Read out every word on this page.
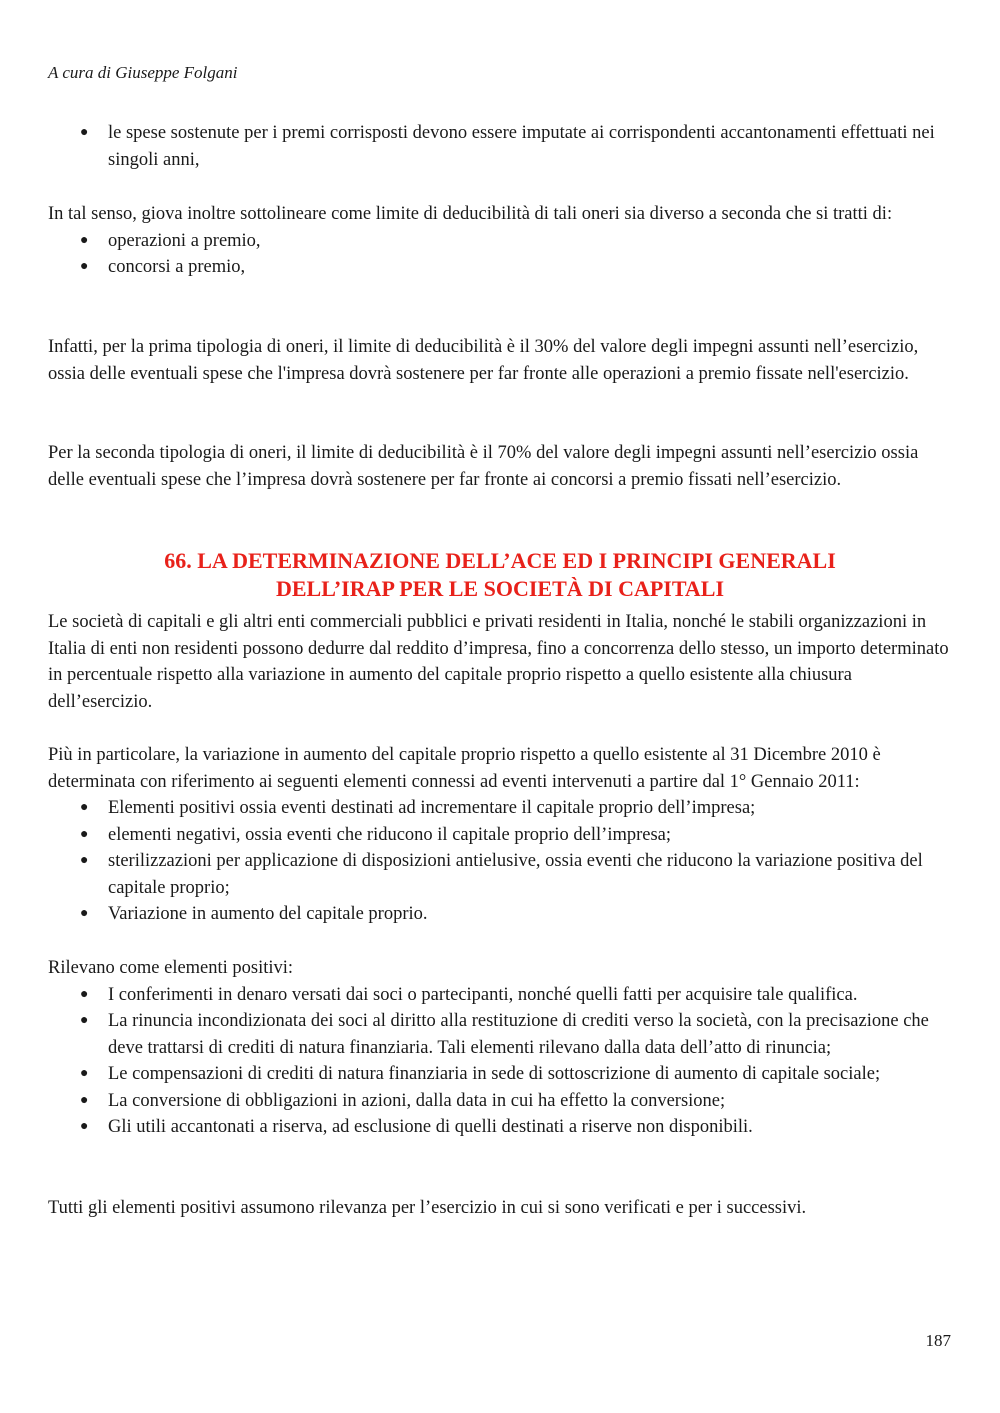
A cura di Giuseppe Folgani
● le spese sostenute per i premi corrisposti devono essere imputate ai corrispondenti accantonamenti effettuati nei singoli anni,

In tal senso, giova inoltre sottolineare come limite di deducibilità di tali oneri sia diverso a seconda che si tratti di:

● operazioni a premio,
● concorsi a premio,

Infatti, per la prima tipologia di oneri, il limite di deducibilità è il 30% del valore degli impegni assunti nell’esercizio, ossia delle eventuali spese che l'impresa dovrà sostenere per far fronte alle operazioni a premio fissate nell'esercizio.

Per la seconda tipologia di oneri, il limite di deducibilità è il 70% del valore degli impegni assunti nell’esercizio ossia delle eventuali spese che l’impresa dovrà sostenere per far fronte ai concorsi a premio fissati nell’esercizio.

66. LA DETERMINAZIONE DELL’ACE ED I PRINCIPI GENERALI
DELL’IRAP PER LE SOCIETÀ DI CAPITALI

Le società di capitali e gli altri enti commerciali pubblici e privati residenti in Italia, nonché le stabili organizzazioni in Italia di enti non residenti possono dedurre dal reddito d’impresa, fino a concorrenza dello stesso, un importo determinato in percentuale rispetto alla variazione in aumento del capitale proprio rispetto a quello esistente alla chiusura dell’esercizio.

Più in particolare, la variazione in aumento del capitale proprio rispetto a quello esistente al 31 Dicembre 2010 è determinata con riferimento ai seguenti elementi connessi ad eventi intervenuti a partire dal 1° Gennaio 2011:

● Elementi positivi ossia eventi destinati ad incrementare il capitale proprio dell’impresa;
● elementi negativi, ossia eventi che riducono il capitale proprio dell’impresa;
● sterilizzazioni per applicazione di disposizioni antielusive, ossia eventi che riducono la variazione positiva del capitale proprio;
● Variazione in aumento del capitale proprio.

Rilevano come elementi positivi:

● I conferimenti in denaro versati dai soci o partecipanti, nonché quelli fatti per acquisire tale qualifica.
● La rinuncia incondizionata dei soci al diritto alla restituzione di crediti verso la società, con la precisazione che deve trattarsi di crediti di natura finanziaria. Tali elementi rilevano dalla data dell’atto di rinuncia;
● Le compensazioni di crediti di natura finanziaria in sede di sottoscrizione di aumento di capitale sociale;
● La conversione di obbligazioni in azioni, dalla data in cui ha effetto la conversione;
● Gli utili accantonati a riserva, ad esclusione di quelli destinati a riserve non disponibili.

Tutti gli elementi positivi assumono rilevanza per l’esercizio in cui si sono verificati e per i successivi.

187
